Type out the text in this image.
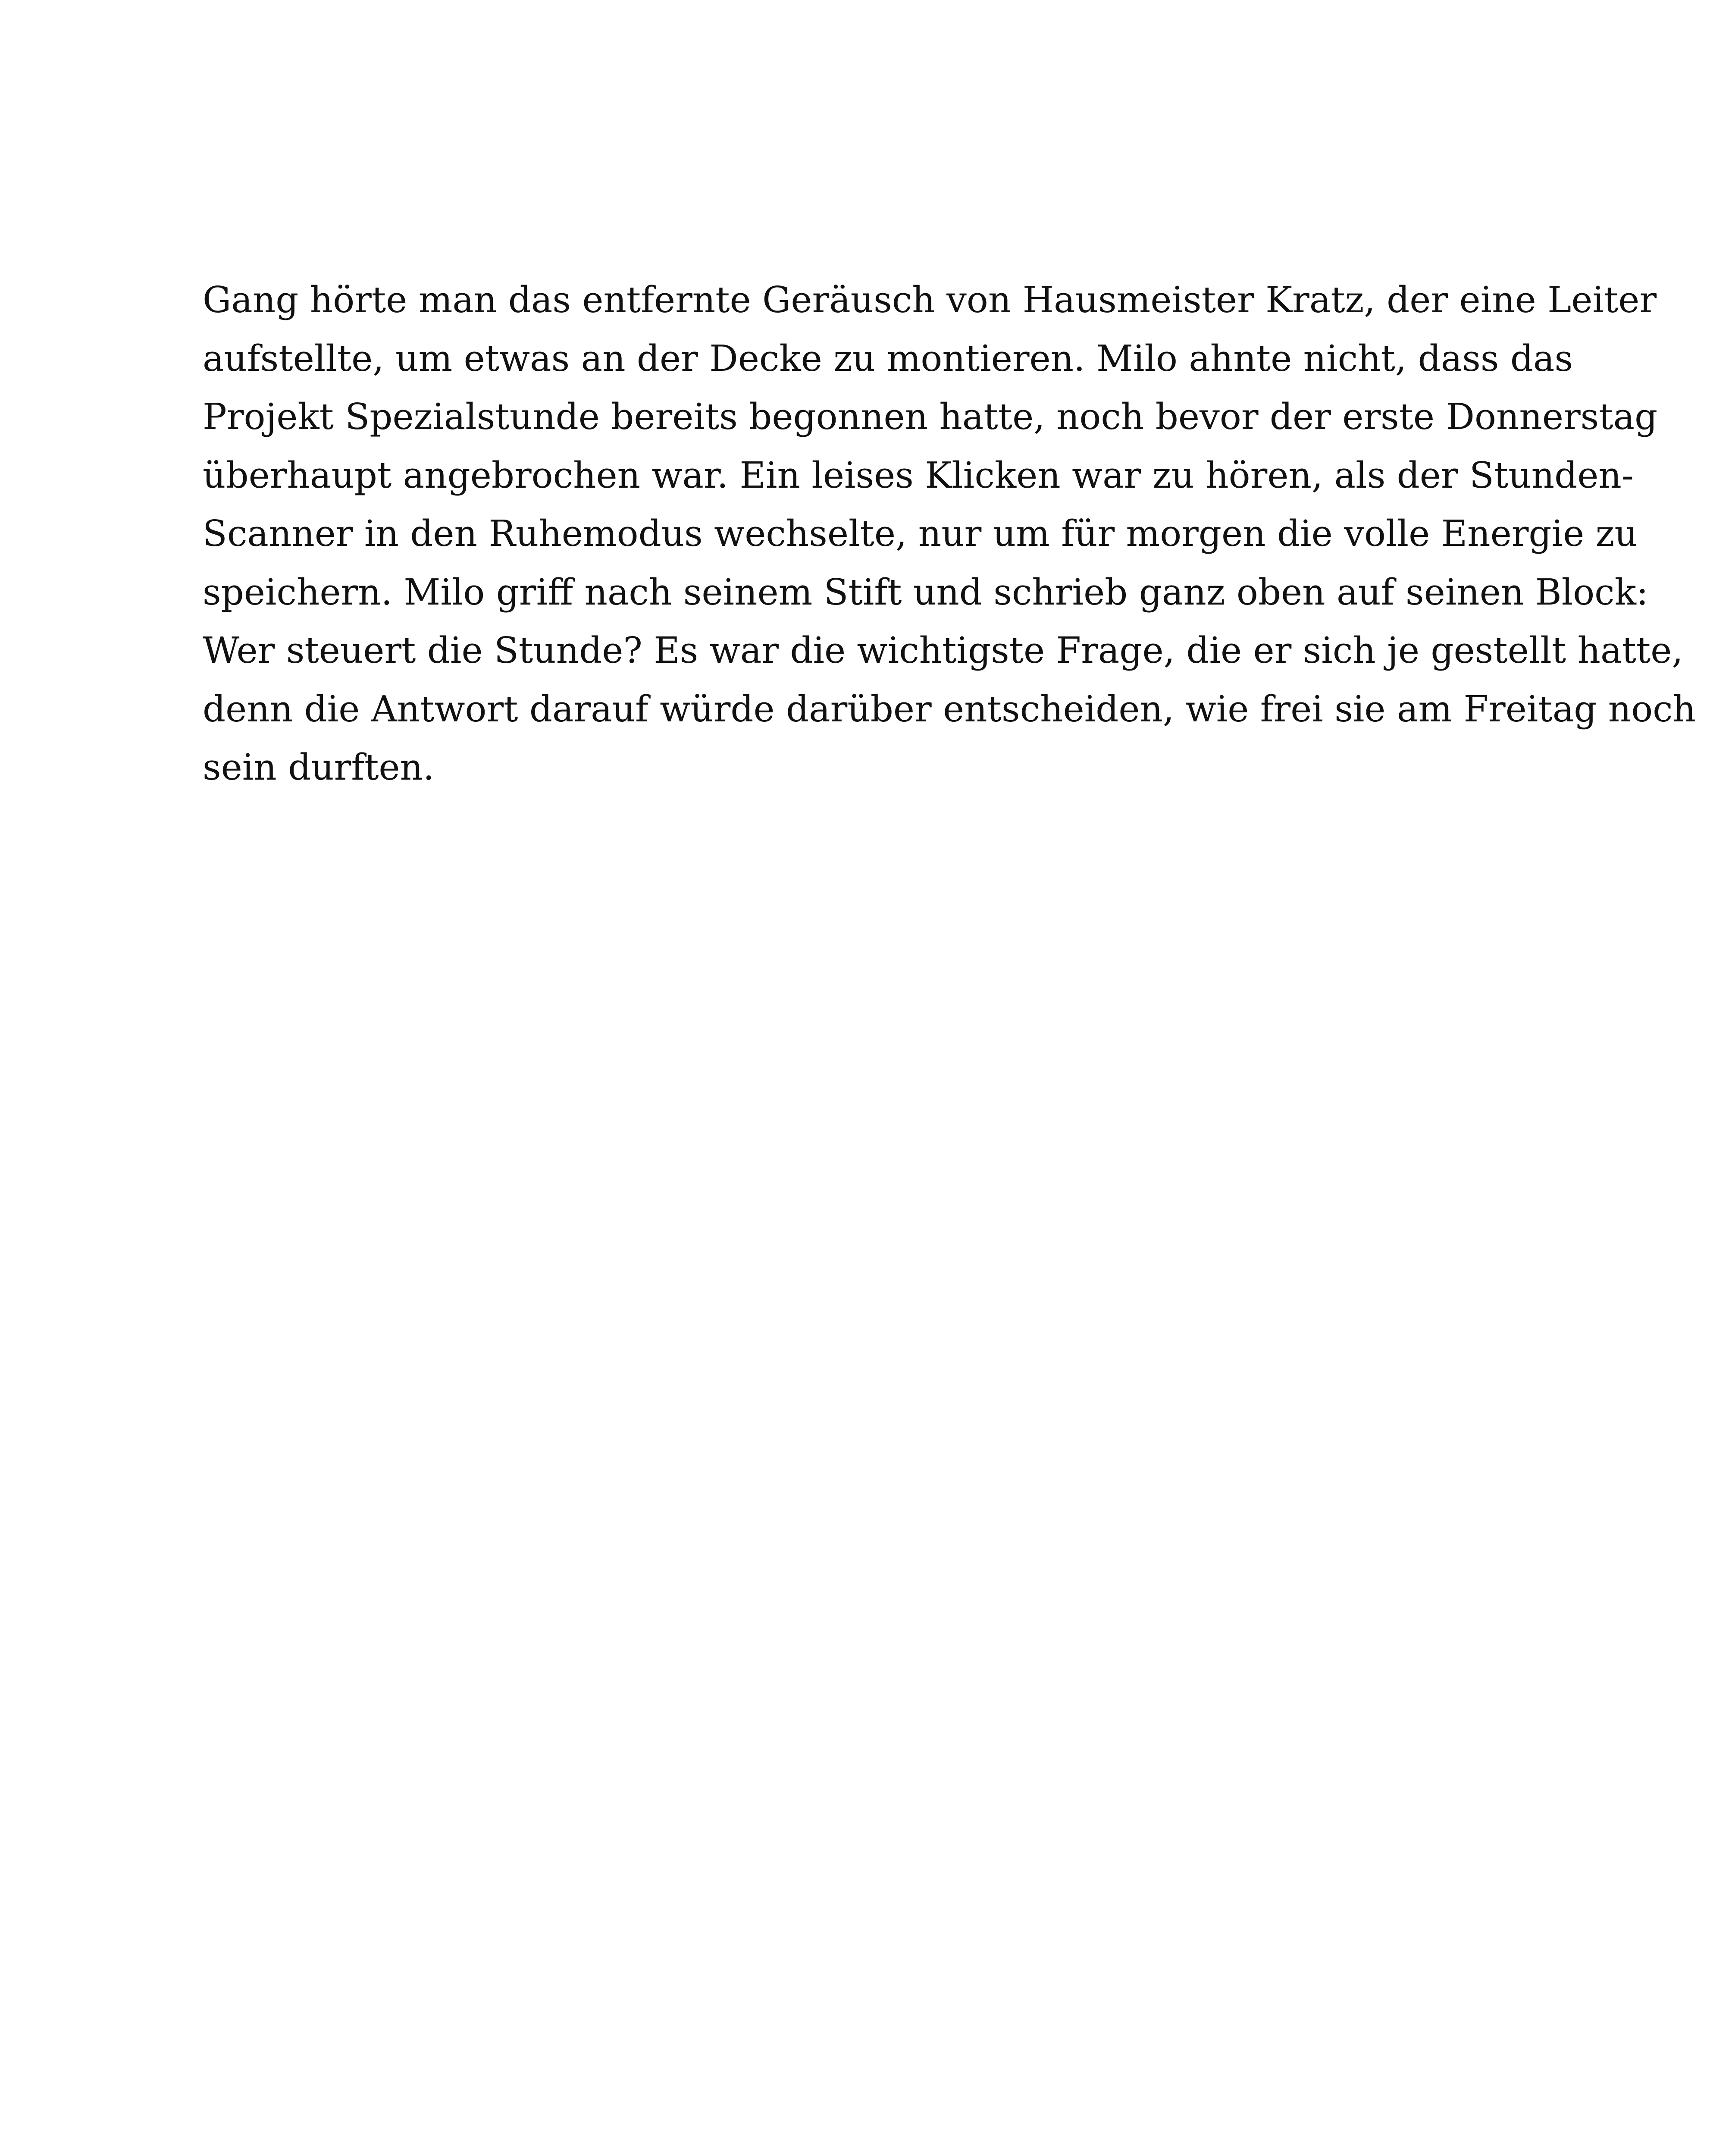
Gang hörte man das entfernte Geräusch von Hausmeister Kratz, der eine Leiter
aufstellte, um etwas an der Decke zu montieren. Milo ahnte nicht, dass das
Projekt Spezialstunde bereits begonnen hatte, noch bevor der erste Donnerstag
überhaupt angebrochen war. Ein leises Klicken war zu hören, als der Stunden-
Scanner in den Ruhemodus wechselte, nur um für morgen die volle Energie zu
speichern. Milo griff nach seinem Stift und schrieb ganz oben auf seinen Block:
Wer steuert die Stunde? Es war die wichtigste Frage, die er sich je gestellt hatte,
denn die Antwort darauf würde darüber entscheiden, wie frei sie am Freitag noch
sein durften.
